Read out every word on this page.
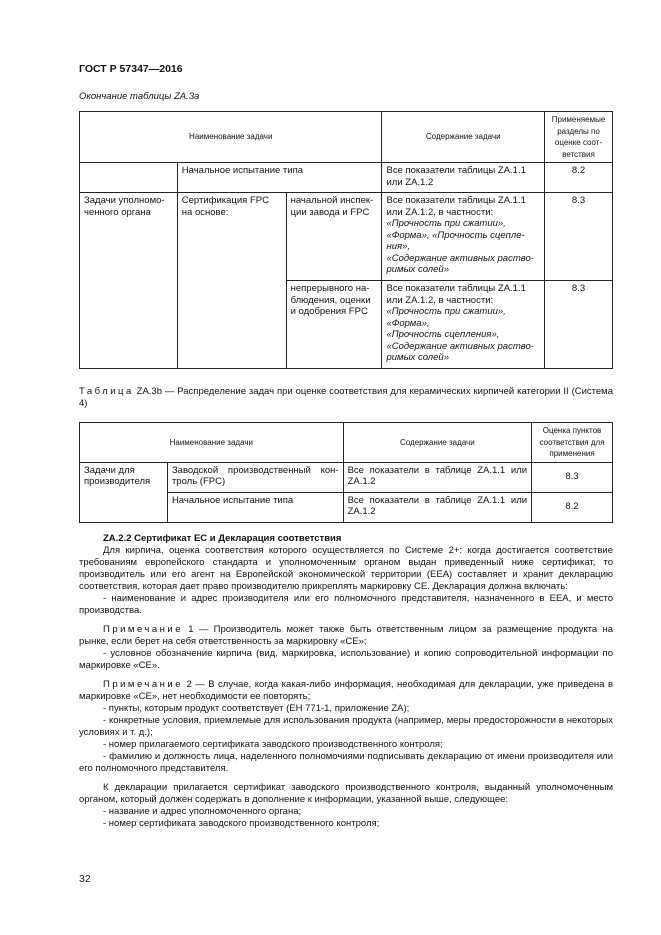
ГОСТ Р 57347—2016
Окончание таблицы ZA.3a
Наименование задачи			Содержание задачи	Применяемые разделы по оценке соот-ветствия
	Начальное испытание типа		Все показатели таблицы ZA.1.1 или ZA.1.2	8.2
Задачи уполномо-ченного органа	Сертификация FPC на основе:	начальной инспек-ции завода и FPC	Все показатели таблицы ZA.1.1 или ZA.1.2, в частности:
«Прочность при сжатии»,
«Форма», «Прочность сцепле-ния»,
«Содержание активных раство-римых солей»	8.3
		непрерывного на-блюдения, оценки и одобрения FPC	Все показатели таблицы ZA.1.1 или ZA.1.2, в частности:
«Прочность при сжатии»,
«Форма»,
«Прочность сцепления»,
«Содержание активных раство-римых солей»	8.3
Таблица ZA.3b — Распределение задач при оценке соответствия для керамических кирпичей категории II (Система 4)
Наименование задачи		Содержание задачи	Оценка пунктов соответствия для применения
Задачи для производителя	Заводской производственный кон-троль (FPC)	Все показатели в таблице ZA.1.1 или ZA.1.2	8.3
	Начальное испытание типа	Все показатели в таблице ZA.1.1 или ZA.1.2	8.2

ZA.2.2 Сертификат ЕС и Декларация соответствия

Для кирпича, оценка соответствия которого осуществляется по Системе 2+: когда достигается соответствие требованиям европейского стандарта и уполномоченным органом выдан приведенный ниже сертификат, то производитель или его агент на Европейской экономической территории (ЕЕА) составляет и хранит декларацию соответствия, которая дает право производителю прикреплять маркировку СЕ. Декларация должна включать:

- наименование и адрес производителя или его полномочного представителя, назначенного в ЕЕА, и место производства.

Примечание 1 — Производитель может также быть ответственным лицом за размещение продукта на рынке, если берет на себя ответственность за маркировку «СЕ»;

- условное обозначение кирпича (вид, маркировка, использование) и копию сопроводительной информации по маркировке «СЕ».

Примечание 2 — В случае, когда какая-либо информация, необходимая для декларации, уже приведена в маркировке «СЕ», нет необходимости ее повторять;

- пункты, которым продукт соответствует (ЕН 771-1, приложение ZA);

- конкретные условия, приемлемые для использования продукта (например, меры предосторожности в некоторых условиях и т. д.);

- номер прилагаемого сертификата заводского производственного контроля;

- фамилию и должность лица, наделенного полномочиями подписывать декларацию от имени производителя или его полномочного представителя.

К декларации прилагается сертификат заводского производственного контроля, выданный уполномоченным органом, который должен содержать в дополнение к информации, указанной выше, следующее:

- название и адрес уполномоченного органа;

- номер сертификата заводского производственного контроля;

32
